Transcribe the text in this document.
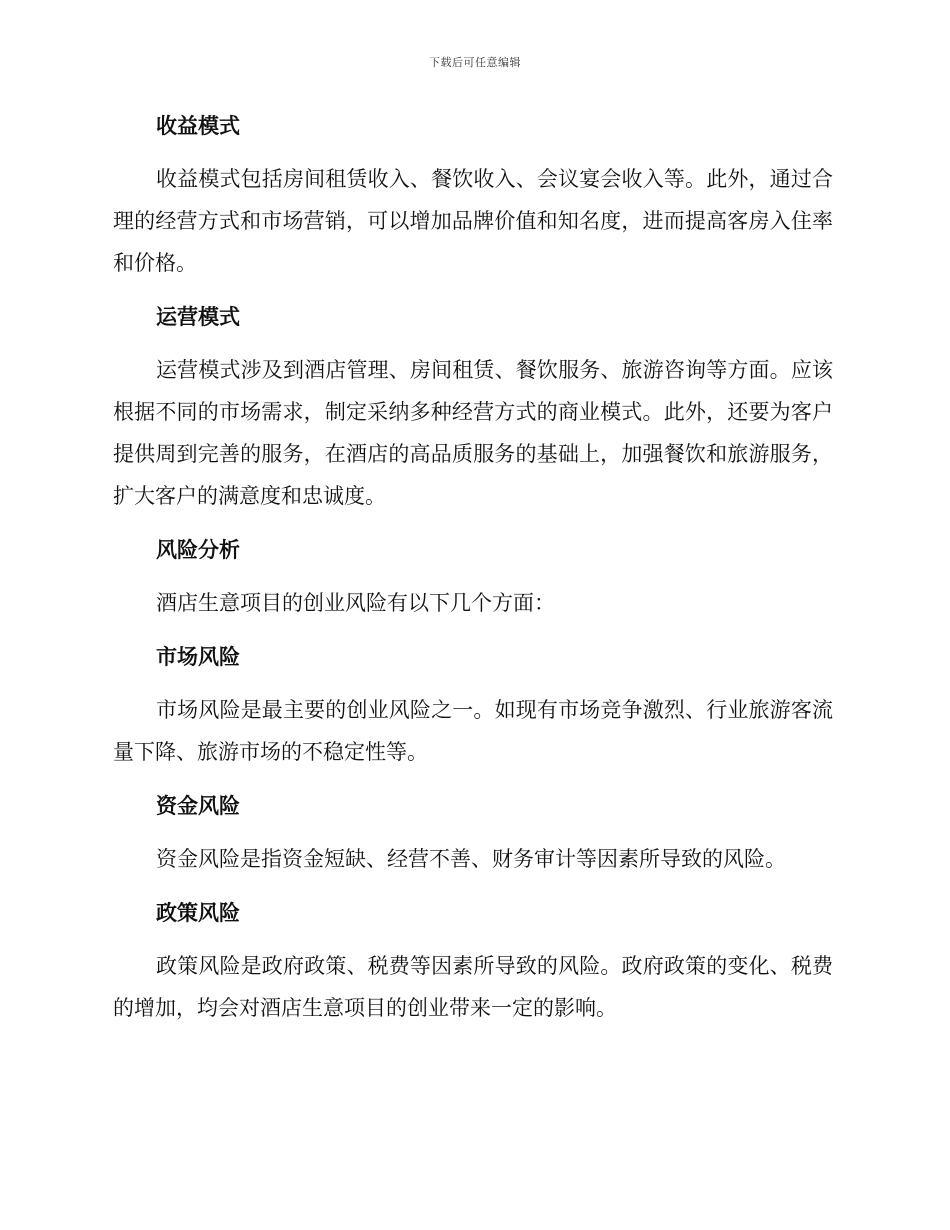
下载后可任意编辑
收益模式

收益模式包括房间租赁收入、餐饮收入、会议宴会收入等。此外，通过合理的经营方式和市场营销，可以增加品牌价值和知名度，进而提高客房入住率和价格。

运营模式

运营模式涉及到酒店管理、房间租赁、餐饮服务、旅游咨询等方面。应该根据不同的市场需求，制定采纳多种经营方式的商业模式。此外，还要为客户提供周到完善的服务，在酒店的高品质服务的基础上，加强餐饮和旅游服务，扩大客户的满意度和忠诚度。

风险分析

酒店生意项目的创业风险有以下几个方面：

市场风险

市场风险是最主要的创业风险之一。如现有市场竞争激烈、行业旅游客流量下降、旅游市场的不稳定性等。

资金风险

资金风险是指资金短缺、经营不善、财务审计等因素所导致的风险。

政策风险

政策风险是政府政策、税费等因素所导致的风险。政府政策的变化、税费的增加，均会对酒店生意项目的创业带来一定的影响。
